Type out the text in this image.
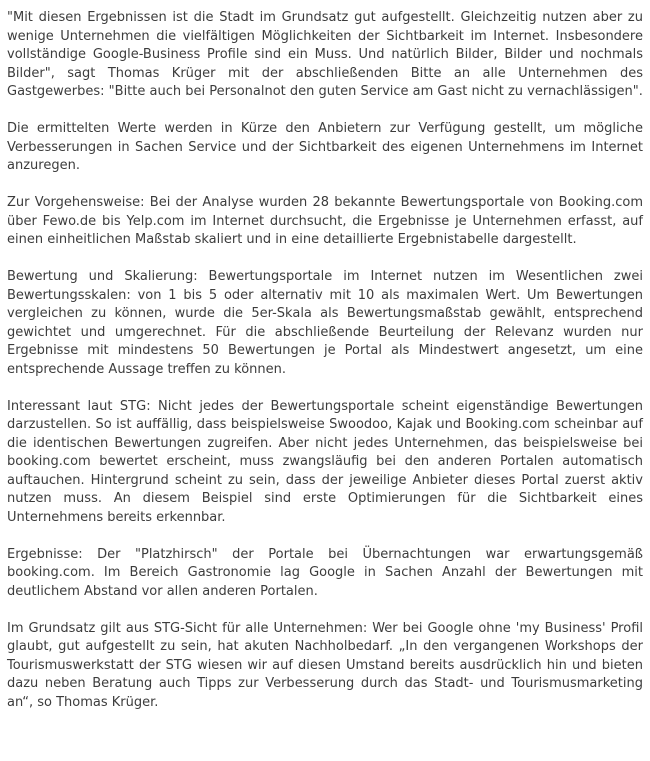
"Mit diesen Ergebnissen ist die Stadt im Grundsatz gut aufgestellt. Gleichzeitig nutzen aber zu wenige Unternehmen die vielfältigen Möglichkeiten der Sichtbarkeit im Internet. Insbesondere vollständige Google-Business Profile sind ein Muss. Und natürlich Bilder, Bilder und nochmals Bilder", sagt Thomas Krüger mit der abschließenden Bitte an alle Unternehmen des Gastgewerbes: "Bitte auch bei Personalnot den guten Service am Gast nicht zu vernachlässigen".

Die ermittelten Werte werden in Kürze den Anbietern zur Verfügung gestellt, um mögliche Verbesserungen in Sachen Service und der Sichtbarkeit des eigenen Unternehmens im Internet anzuregen.

Zur Vorgehensweise: Bei der Analyse wurden 28 bekannte Bewertungsportale von Booking.com über Fewo.de bis Yelp.com im Internet durchsucht, die Ergebnisse je Unternehmen erfasst, auf einen einheitlichen Maßstab skaliert und in eine detaillierte Ergebnistabelle dargestellt.

Bewertung und Skalierung: Bewertungsportale im Internet nutzen im Wesentlichen zwei Bewertungsskalen: von 1 bis 5 oder alternativ mit 10 als maximalen Wert. Um Bewertungen vergleichen zu können, wurde die 5er-Skala als Bewertungsmaßstab gewählt, entsprechend gewichtet und umgerechnet. Für die abschließende Beurteilung der Relevanz wurden nur Ergebnisse mit mindestens 50 Bewertungen je Portal als Mindestwert angesetzt, um eine entsprechende Aussage treffen zu können.

Interessant laut STG: Nicht jedes der Bewertungsportale scheint eigenständige Bewertungen darzustellen. So ist auffällig, dass beispielsweise Swoodoo, Kajak und Booking.com scheinbar auf die identischen Bewertungen zugreifen. Aber nicht jedes Unternehmen, das beispielsweise bei booking.com bewertet erscheint, muss zwangsläufig bei den anderen Portalen automatisch auftauchen. Hintergrund scheint zu sein, dass der jeweilige Anbieter dieses Portal zuerst aktiv nutzen muss. An diesem Beispiel sind erste Optimierungen für die Sichtbarkeit eines Unternehmens bereits erkennbar.

Ergebnisse: Der "Platzhirsch" der Portale bei Übernachtungen war erwartungsgemäß booking.com. Im Bereich Gastronomie lag Google in Sachen Anzahl der Bewertungen mit deutlichem Abstand vor allen anderen Portalen.

Im Grundsatz gilt aus STG-Sicht für alle Unternehmen: Wer bei Google ohne 'my Business' Profil glaubt, gut aufgestellt zu sein, hat akuten Nachholbedarf. „In den vergangenen Workshops der Tourismuswerkstatt der STG wiesen wir auf diesen Umstand bereits ausdrücklich hin und bieten dazu neben Beratung auch Tipps zur Verbesserung durch das Stadt- und Tourismusmarketing an“, so Thomas Krüger.
